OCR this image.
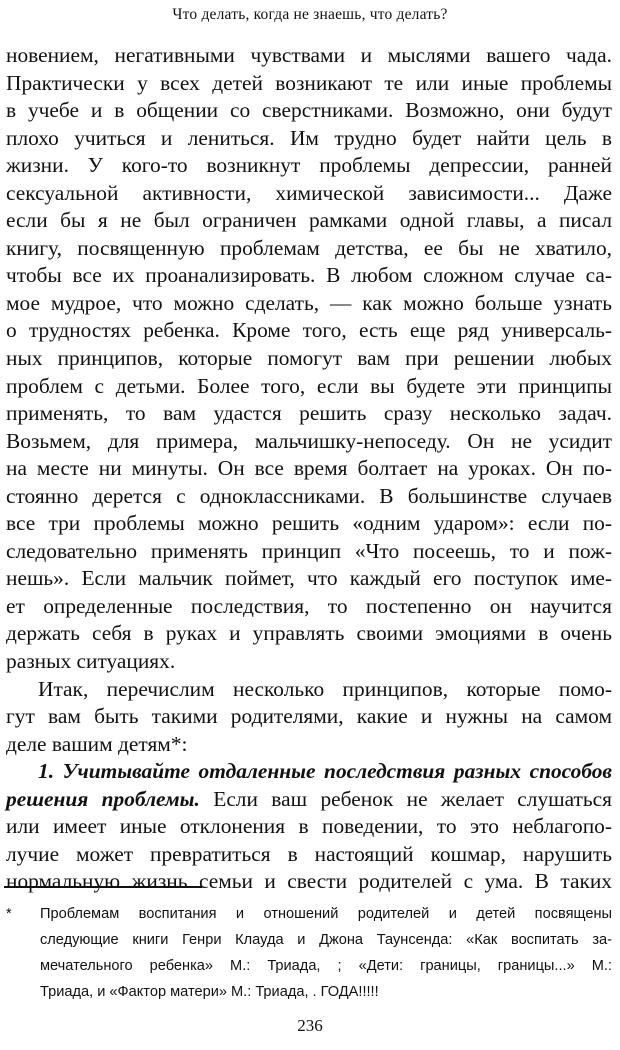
Что делать, когда не знаешь, что делать?
новением, негативными чувствами и мыслями вашего чада.
Практически у всех детей возникают те или иные проблемы
в учебе и в общении со сверстниками. Возможно, они будут
плохо учиться и лениться. Им трудно будет найти цель в
жизни. У кого-то возникнут проблемы депрессии, ранней
сексуальной активности, химической зависимости... Даже
если бы я не был ограничен рамками одной главы, а писал
книгу, посвященную проблемам детства, ее бы не хватило,
чтобы все их проанализировать. В любом сложном случае са-
мое мудрое, что можно сделать, — как можно больше узнать
о трудностях ребенка. Кроме того, есть еще ряд универсаль-
ных принципов, которые помогут вам при решении любых
проблем с детьми. Более того, если вы будете эти принципы
применять, то вам удастся решить сразу несколько задач.
Возьмем, для примера, мальчишку-непоседу. Он не усидит
на месте ни минуты. Он все время болтает на уроках. Он по-
стоянно дерется с одноклассниками. В большинстве случаев
все три проблемы можно решить «одним ударом»: если по-
следовательно применять принцип «Что посеешь, то и пож-
нешь». Если мальчик поймет, что каждый его поступок име-
ет определенные последствия, то постепенно он научится
держать себя в руках и управлять своими эмоциями в очень
разных ситуациях.
Итак, перечислим несколько принципов, которые помо-
гут вам быть такими родителями, какие и нужны на самом
деле вашим детям*:
1. Учитывайте отдаленные последствия разных способов
решения проблемы. Если ваш ребенок не желает слушаться
или имеет иные отклонения в поведении, то это неблагопо-
лучие может превратиться в настоящий кошмар, нарушить
нормальную жизнь семьи и свести родителей с ума. В таких
* Проблемам воспитания и отношений родителей и детей посвящены
следующие книги Генри Клауда и Джона Таунсенда: «Как воспитать за-
мечательного ребенка» М.: Триада, ; «Дети: границы, границы...» М.:
Триада, и «Фактор матери» М.: Триада, . ГОДА!!!!!
236
